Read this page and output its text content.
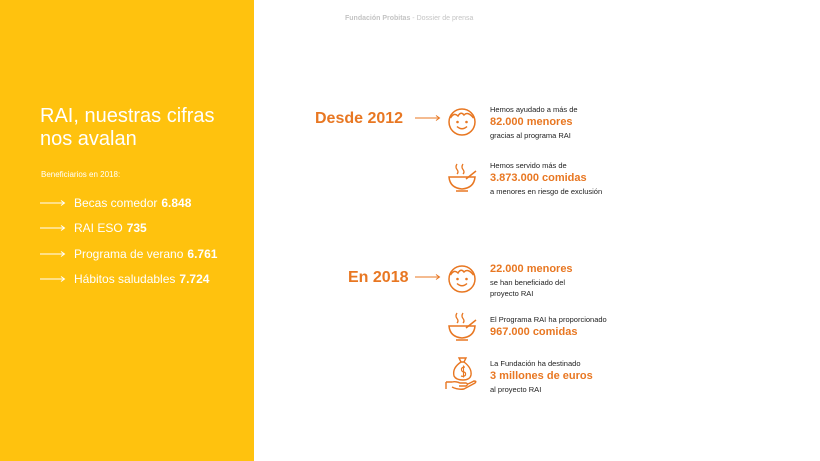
RAI, nuestras cifras nos avalan
Beneficiarios en 2018:
Becas comedor 6.848
RAI ESO 735
Programa de verano 6.761
Hábitos saludables 7.724
Fundación Probitas - Dossier de prensa
Desde 2012
Hemos ayudado a más de
82.000 menores
gracias al programa RAI
Hemos servido más de
3.873.000 comidas
a menores en riesgo de exclusión
En 2018	22.000 menores
se han beneficiado del
proyecto RAI
El Programa RAI ha proporcionado
967.000 comidas
La Fundación ha destinado
3 millones de euros
al proyecto RAI
